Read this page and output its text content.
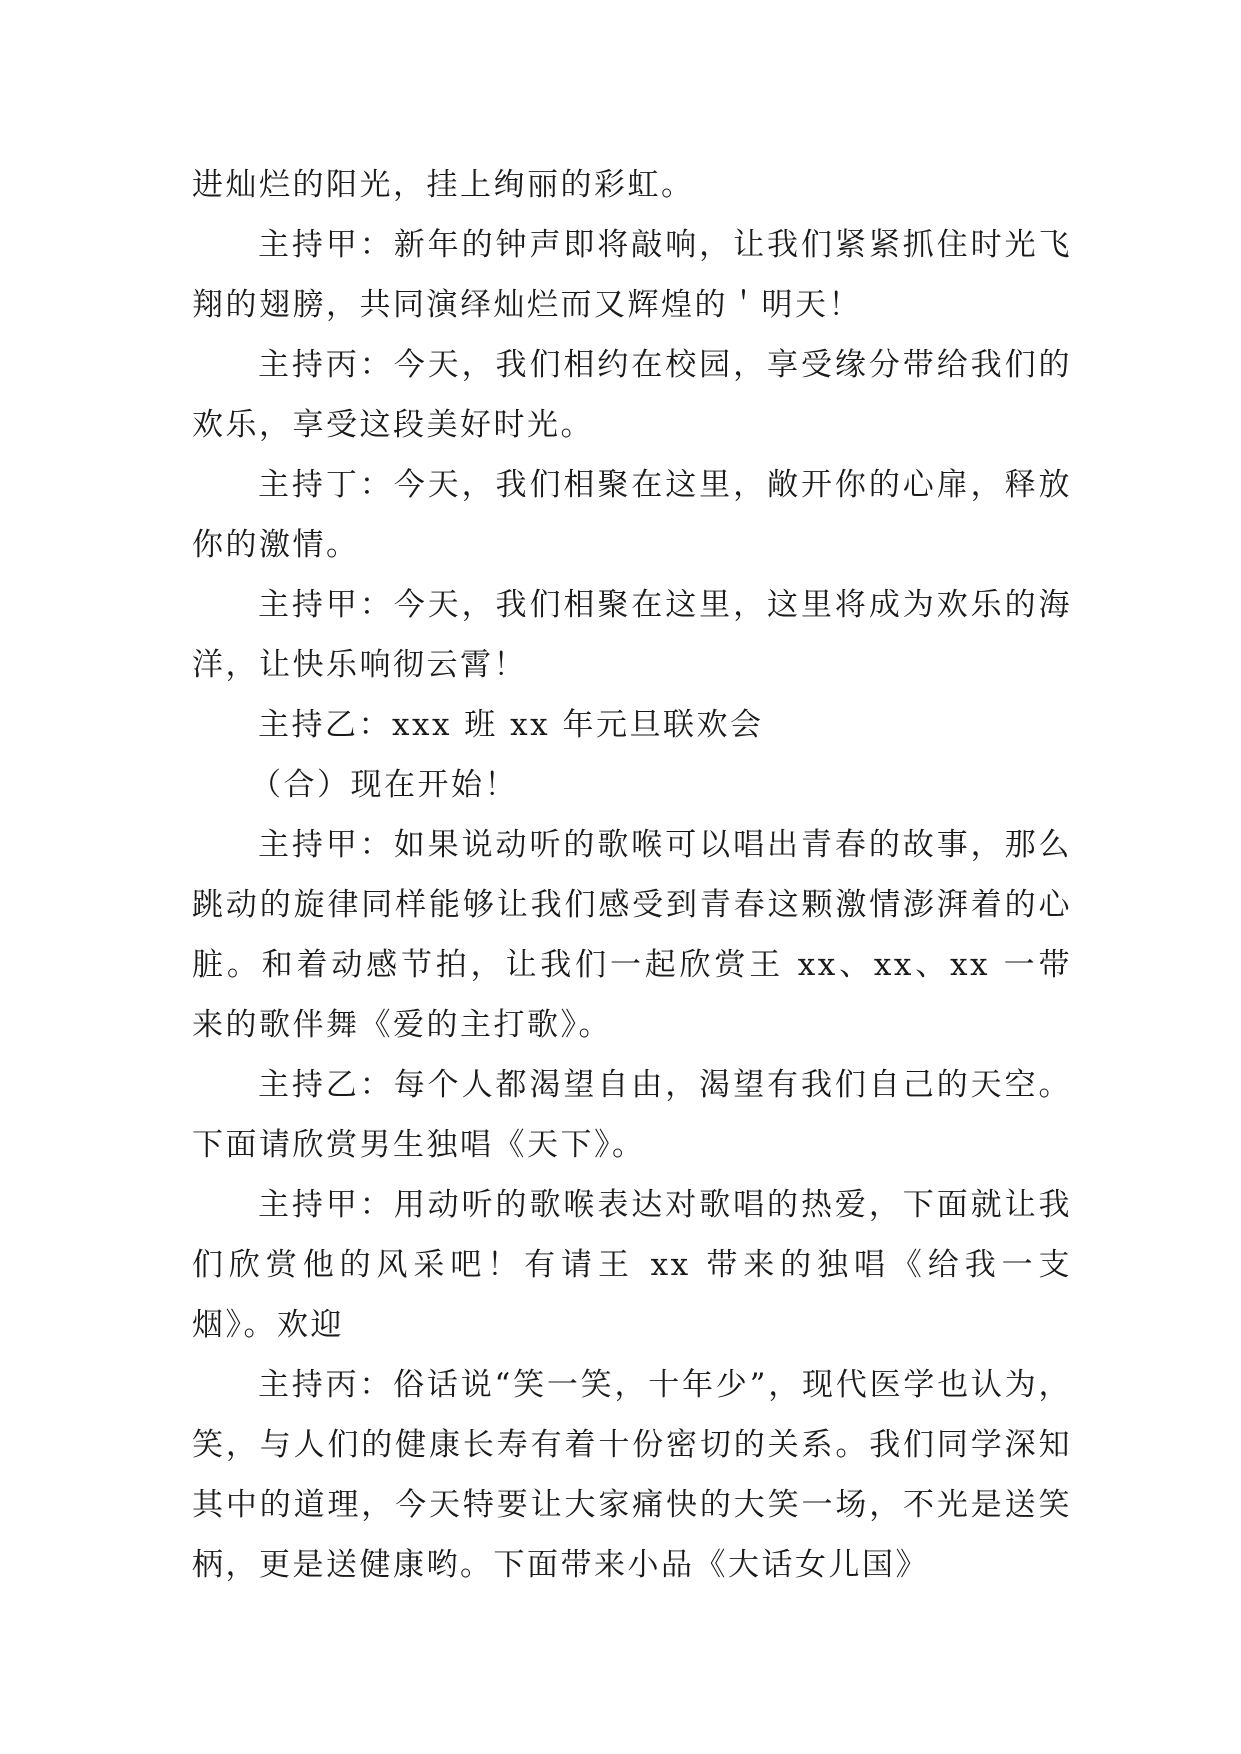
进灿烂的阳光，挂上绚丽的彩虹。

主持甲：新年的钟声即将敲响，让我们紧紧抓住时光飞翔的翅膀，共同演绎灿烂而又辉煌的＇明天！

主持丙：今天，我们相约在校园，享受缘分带给我们的欢乐，享受这段美好时光。

主持丁：今天，我们相聚在这里，敞开你的心扉，释放你的激情。

主持甲：今天，我们相聚在这里，这里将成为欢乐的海洋，让快乐响彻云霄！

主持乙：xxx 班 xx 年元旦联欢会

（合）现在开始！

主持甲：如果说动听的歌喉可以唱出青春的故事，那么跳动的旋律同样能够让我们感受到青春这颗激情澎湃着的心脏。和着动感节拍，让我们一起欣赏王 xx、xx、xx 一带来的歌伴舞《爱的主打歌》。

主持乙：每个人都渴望自由，渴望有我们自己的天空。下面请欣赏男生独唱《天下》。

主持甲：用动听的歌喉表达对歌唱的热爱，下面就让我们欣赏他的风采吧！有请王 xx 带来的独唱《给我一支烟》。欢迎

主持丙：俗话说“笑一笑，十年少”，现代医学也认为，笑，与人们的健康长寿有着十份密切的关系。我们同学深知其中的道理，今天特要让大家痛快的大笑一场，不光是送笑柄，更是送健康哟。下面带来小品《大话女儿国》
